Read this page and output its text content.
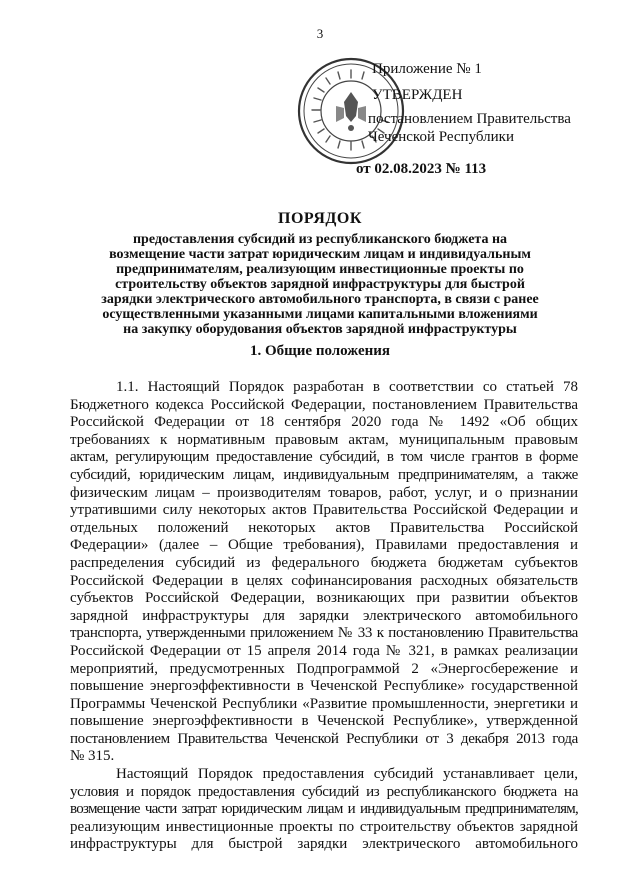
3
Приложение № 1
УТВЕРЖДЕН
постановлением Правительства
Чеченской Республики
от 02.08.2023 № 113
ПОРЯДОК
предоставления субсидий из республиканского бюджета на
возмещение части затрат юридическим лицам и индивидуальным
предпринимателям, реализующим инвестиционные проекты по
строительству объектов зарядной инфраструктуры для быстрой
зарядки электрического автомобильного транспорта, в связи с ранее
осуществленными указанными лицами капитальными вложениями
на закупку оборудования объектов зарядной инфраструктуры
1. Общие положения
1.1. Настоящий Порядок разработан в соответствии со статьей 78
Бюджетного кодекса Российской Федерации, постановлением Правительства
Российской Федерации от 18 сентября 2020 года № 1492 «Об общих
требованиях к нормативным правовым актам, муниципальным правовым
актам, регулирующим предоставление субсидий, в том числе грантов в форме
субсидий, юридическим лицам, индивидуальным предпринимателям, а также
физическим лицам – производителям товаров, работ, услуг, и о признании
утратившими силу некоторых актов Правительства Российской Федерации и
отдельных положений некоторых актов Правительства Российской
Федерации» (далее – Общие требования), Правилами предоставления и
распределения субсидий из федерального бюджета бюджетам субъектов
Российской Федерации в целях софинансирования расходных обязательств
субъектов Российской Федерации, возникающих при развитии объектов
зарядной инфраструктуры для зарядки электрического автомобильного
транспорта, утвержденными приложением № 33 к постановлению Правительства
Российской Федерации от 15 апреля 2014 года № 321, в рамках реализации
мероприятий, предусмотренных Подпрограммой 2 «Энергосбережение и
повышение энергоэффективности в Чеченской Республике» государственной
Программы Чеченской Республики «Развитие промышленности, энергетики и
повышение энергоэффективности в Чеченской Республике», утвержденной
постановлением Правительства Чеченской Республики от 3 декабря 2013 года
№ 315.
Настоящий Порядок предоставления субсидий устанавливает цели,
условия и порядок предоставления субсидий из республиканского бюджета на
возмещение части затрат юридическим лицам и индивидуальным предпринимателям,
реализующим инвестиционные проекты по строительству объектов зарядной
инфраструктуры для быстрой зарядки электрического автомобильного
